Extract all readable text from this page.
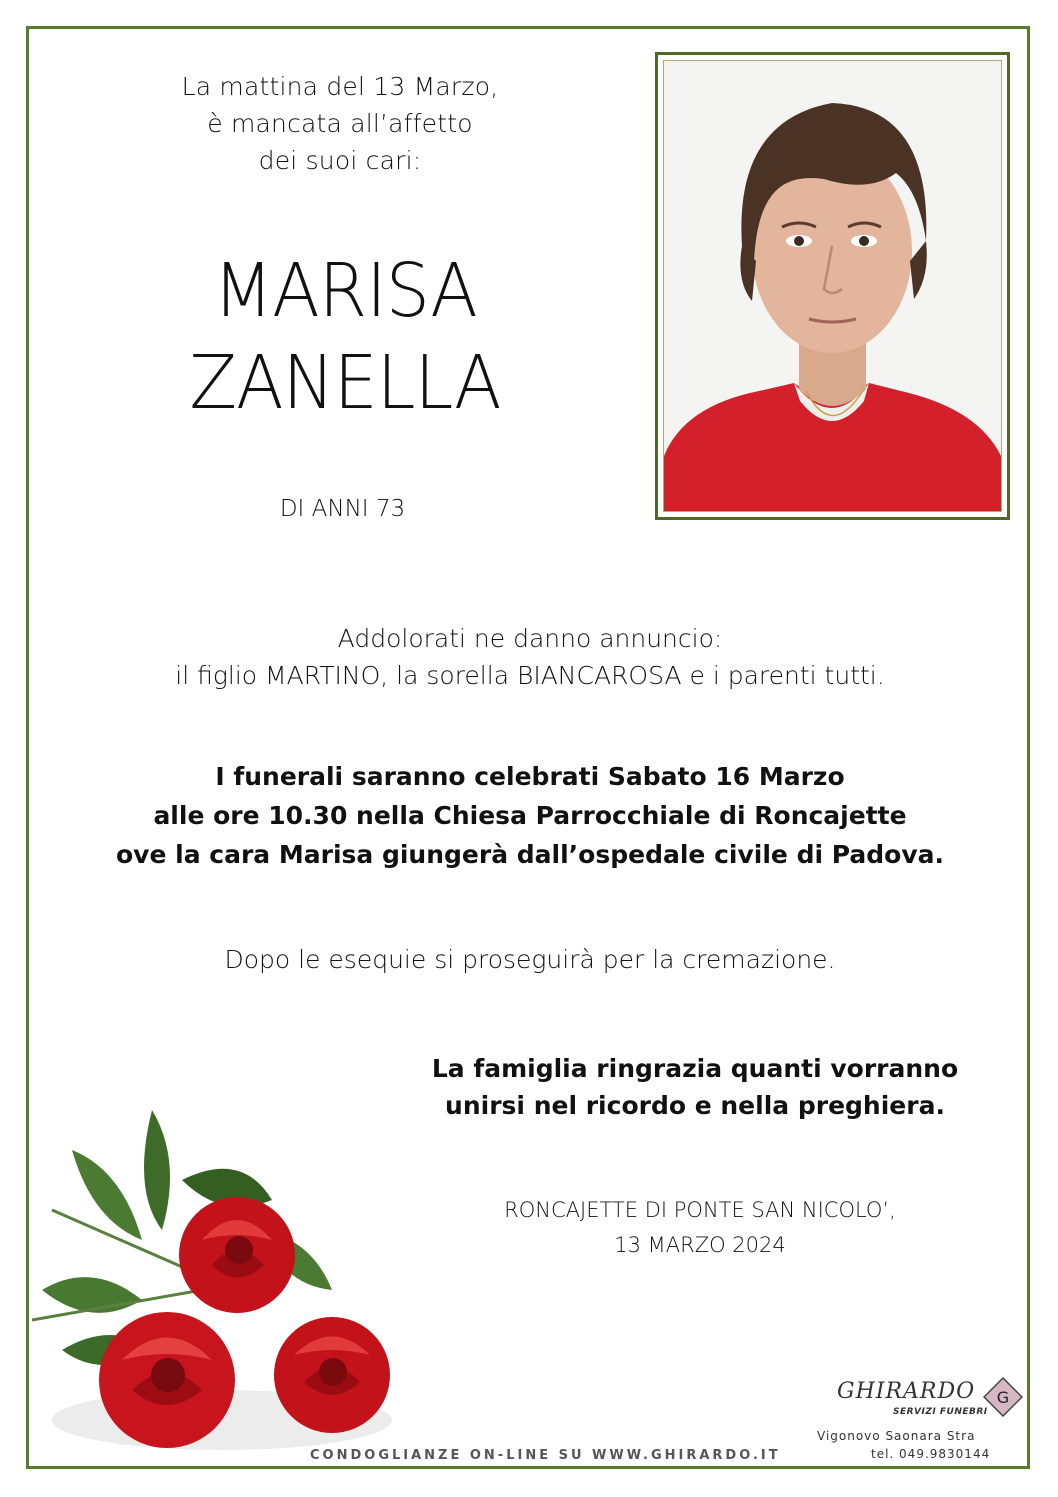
La mattina del 13 Marzo,
è mancata all’affetto
dei suoi cari:
MARISA
ZANELLA
DI ANNI 73
Addolorati ne danno annuncio:
il figlio MARTINO, la sorella BIANCAROSA e i parenti tutti.
I funerali saranno celebrati Sabato 16 Marzo
alle ore 10.30 nella Chiesa Parrocchiale di Roncajette
ove la cara Marisa giungerà dall’ospedale civile di Padova.
Dopo le esequie si proseguirà per la cremazione.
La famiglia ringrazia quanti vorranno
unirsi nel ricordo e nella preghiera.
RONCAJETTE DI PONTE SAN NICOLO’,
13 MARZO 2024
CONDOGLIANZE ON-LINE SU WWW.GHIRARDO.IT
GHIRARDO
SERVIZI FUNEBRI
G
Vigonovo Saonara Stra
tel. 049.9830144
